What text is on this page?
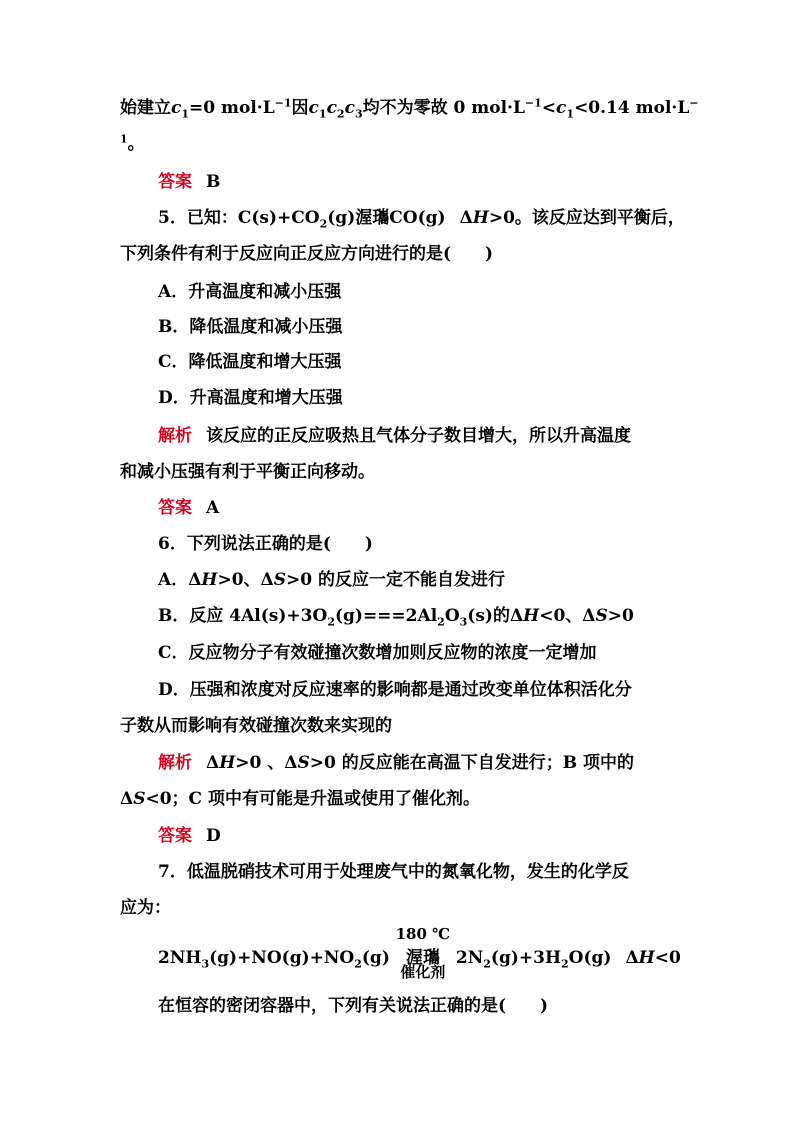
始建立$c_1=0$ $mol\cdot L^{-1}$因$c_1c_2c_3$均不为零故 0 $mol\cdot L^{-1}<c_1<0.14$ mol·L−
$^1$。
答案 B
5．已知：$C(s)+CO_2(g)$渥瓗CO(g) ΔH>0。该反应达到平衡后，
下列条件有利于反应向正反应方向进行的是(　　)
A．升高温度和减小压强
B．降低温度和减小压强
C．降低温度和增大压强
D．升高温度和增大压强
解析 该反应的正反应吸热且气体分子数目增大，所以升高温度
和减小压强有利于平衡正向移动。
答案 A
6．下列说法正确的是(　　)
A．ΔH>0、ΔS>0 的反应一定不能自发进行
B．反应 $4Al(s)+3O_2(g)===2Al_2O_3(s)$的ΔH<0、ΔS>0
C．反应物分子有效碰撞次数增加则反应物的浓度一定增加
D．压强和浓度对反应速率的影响都是通过改变单位体积活化分
子数从而影响有效碰撞次数来实现的
解析 ΔH>0 、ΔS>0 的反应能在高温下自发进行；B 项中的
ΔS<0；C 项中有可能是升温或使用了催化剂。
答案 D
7．低温脱硝技术可用于处理废气中的氮氧化物，发生的化学反
应为：
$2NH_3(g)+NO(g)+NO_2(g)$
180 ℃
渥瓗
催化剂
$2N_2(g)+3H_2O(g)$ ΔH<0
在恒容的密闭容器中，下列有关说法正确的是(　　)
